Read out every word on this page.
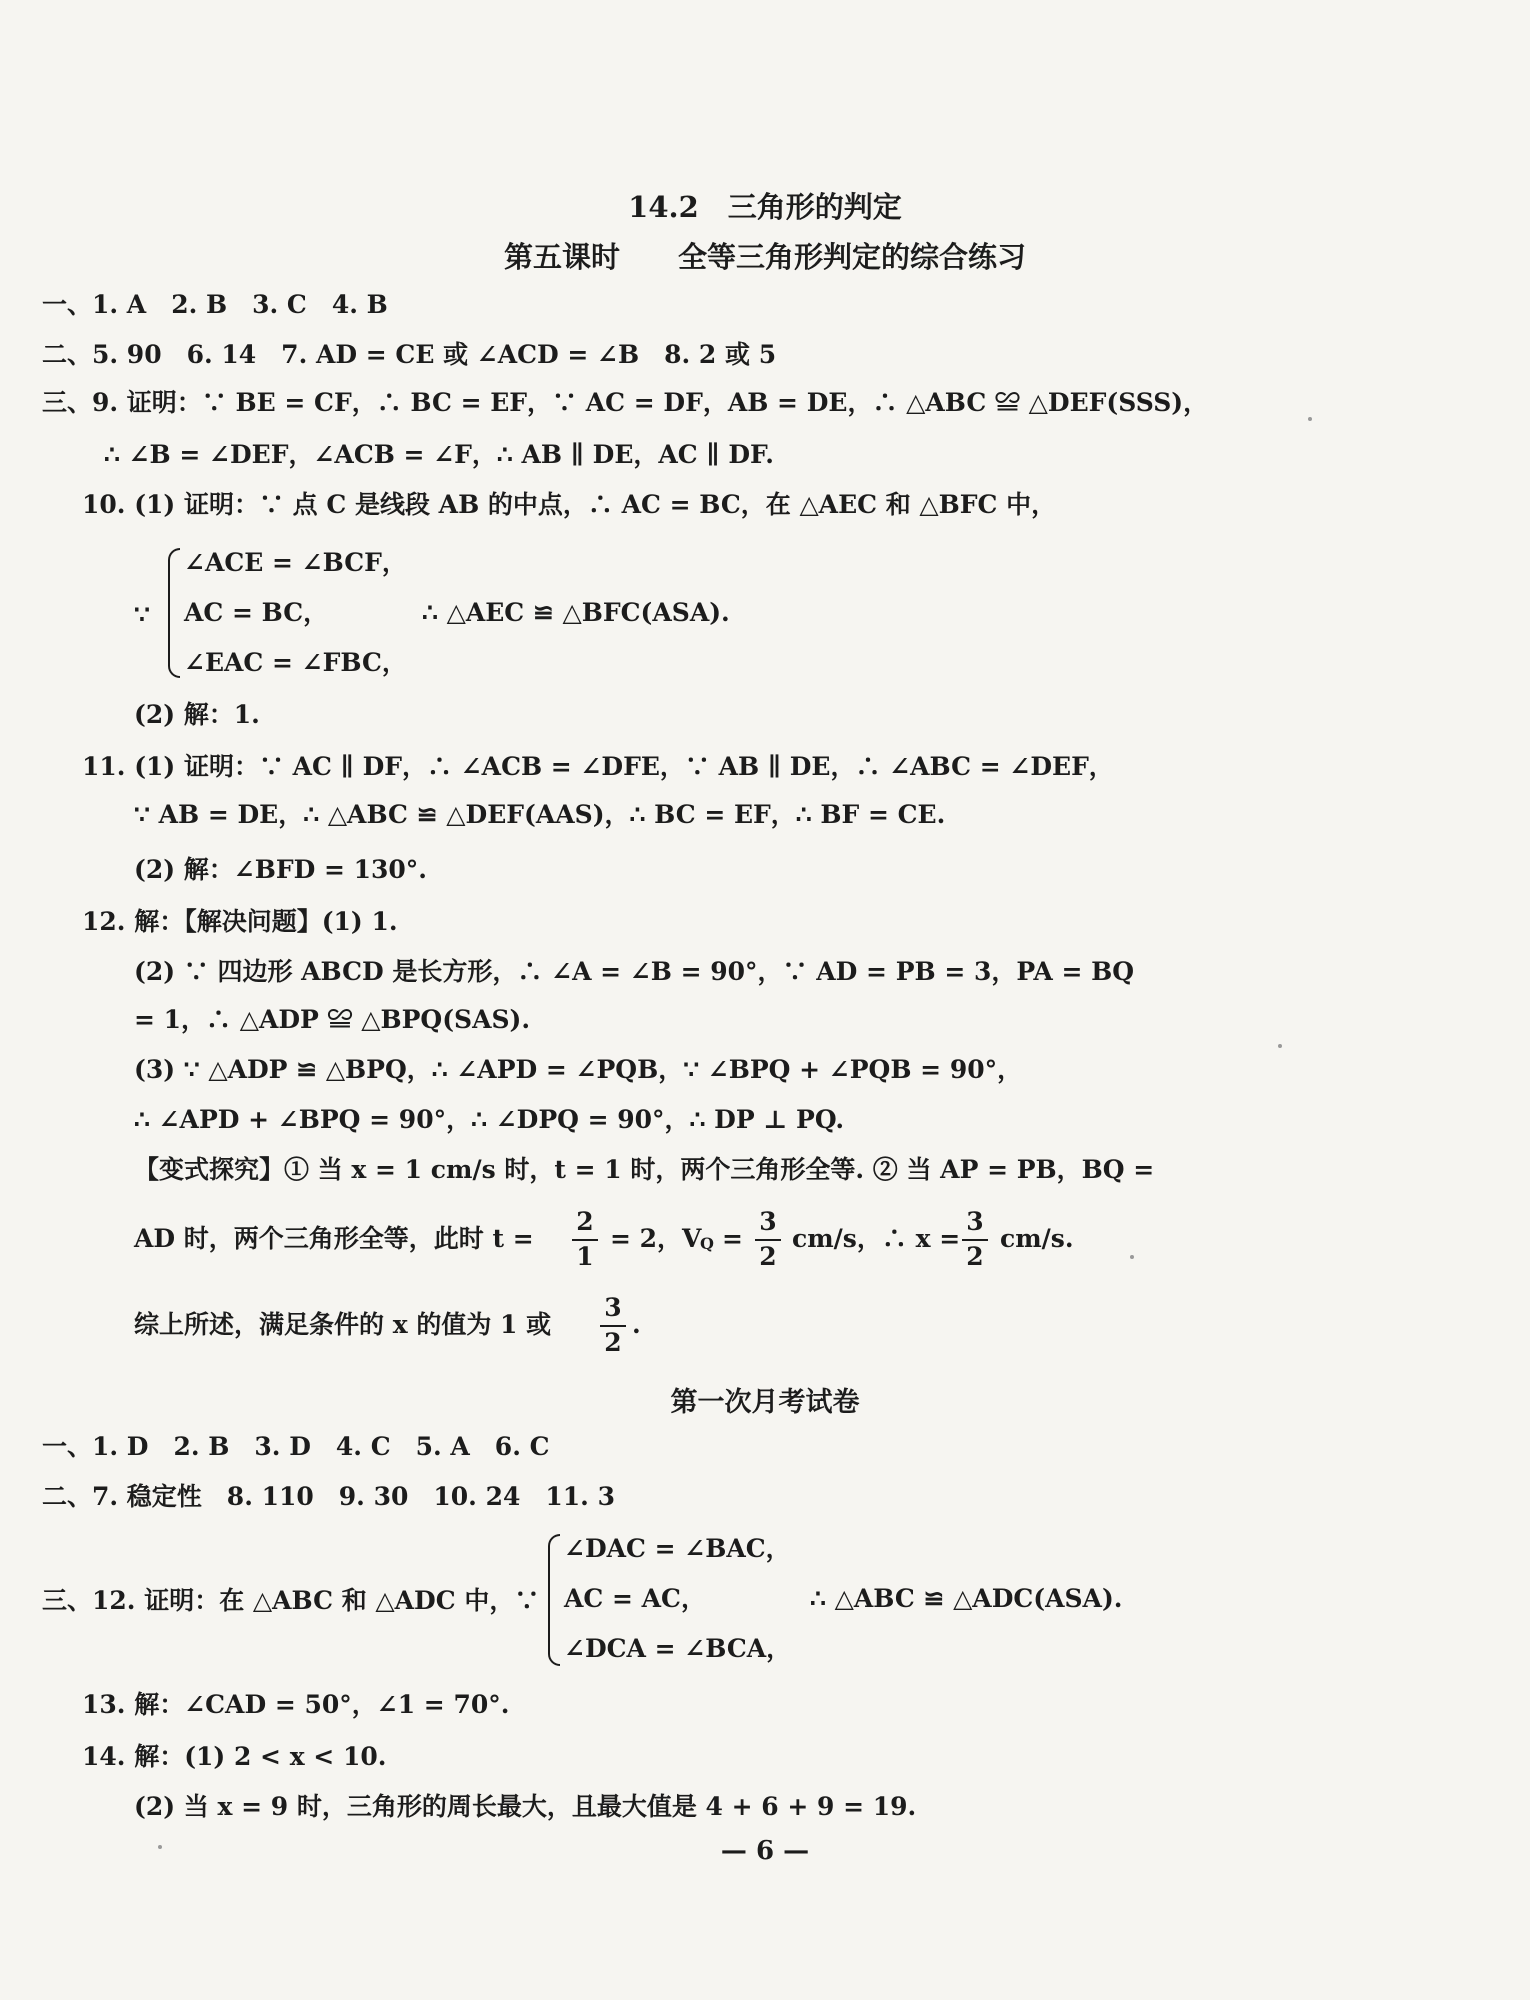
14.2　三角形的判定
第五课时　　全等三角形判定的综合练习
一、1. A　2. B　3. C　4. B
二、5. 90　6. 14　7. AD = CE 或 ∠ACD = ∠B　8. 2 或 5
三、9. 证明：∵ BE = CF，∴ BC = EF，∵ AC = DF，AB = DE，∴ △ABC ≌ △DEF(SSS)，
∴ ∠B = ∠DEF，∠ACB = ∠F，∴ AB ∥ DE，AC ∥ DF.
10. (1) 证明：∵ 点 C 是线段 AB 的中点，∴ AC = BC，在 △AEC 和 △BFC 中，
∵
∠ACE = ∠BCF，
AC = BC，
∠EAC = ∠FBC，
∴ △AEC ≌ △BFC(ASA).
(2) 解：1.
11. (1) 证明：∵ AC ∥ DF，∴ ∠ACB = ∠DFE，∵ AB ∥ DE，∴ ∠ABC = ∠DEF，
∵ AB = DE，∴ △ABC ≌ △DEF(AAS)，∴ BC = EF，∴ BF = CE.
(2) 解：∠BFD = 130°.
12. 解：【解决问题】(1) 1.
(2) ∵ 四边形 ABCD 是长方形，∴ ∠A = ∠B = 90°，∵ AD = PB = 3，PA = BQ
= 1，∴ △ADP ≌ △BPQ(SAS).
(3) ∵ △ADP ≌ △BPQ，∴ ∠APD = ∠PQB，∵ ∠BPQ + ∠PQB = 90°，
∴ ∠APD + ∠BPQ = 90°，∴ ∠DPQ = 90°，∴ DP ⊥ PQ.
【变式探究】① 当 x = 1 cm/s 时，t = 1 时，两个三角形全等. ② 当 AP = PB，BQ =
AD 时，两个三角形全等，此时 t =
2
1
= 2，V
Q =
3
2
cm/s，∴ x =
3
2
cm/s.
综上所述，满足条件的 x 的值为 1 或
3
2
.
第一次月考试卷
一、1. D　2. B　3. D　4. C　5. A　6. C
二、7. 稳定性　8. 110　9. 30　10. 24　11. 3
三、12. 证明：在 △ABC 和 △ADC 中，∵
∠DAC = ∠BAC，
AC = AC，
∠DCA = ∠BCA，
∴ △ABC ≌ △ADC(ASA).
13. 解：∠CAD = 50°，∠1 = 70°.
14. 解：(1) 2 < x < 10.
(2) 当 x = 9 时，三角形的周长最大，且最大值是 4 + 6 + 9 = 19.
— 6 —
